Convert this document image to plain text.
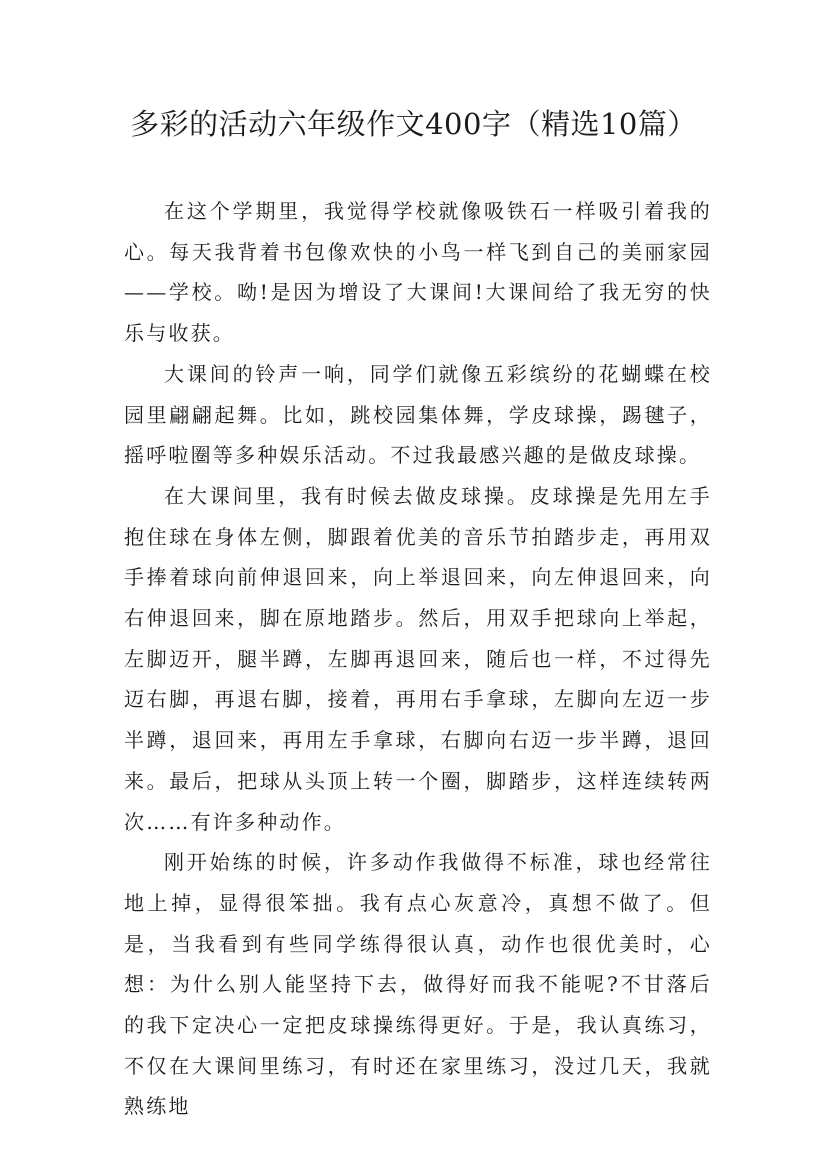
多彩的活动六年级作文400字（精选10篇）

在这个学期里，我觉得学校就像吸铁石一样吸引着我的心。每天我背着书包像欢快的小鸟一样飞到自己的美丽家园——学校。呦!是因为增设了大课间!大课间给了我无穷的快乐与收获。

大课间的铃声一响，同学们就像五彩缤纷的花蝴蝶在校园里翩翩起舞。比如，跳校园集体舞，学皮球操，踢毽子，摇呼啦圈等多种娱乐活动。不过我最感兴趣的是做皮球操。

在大课间里，我有时候去做皮球操。皮球操是先用左手抱住球在身体左侧，脚跟着优美的音乐节拍踏步走，再用双手捧着球向前伸退回来，向上举退回来，向左伸退回来，向右伸退回来，脚在原地踏步。然后，用双手把球向上举起，左脚迈开，腿半蹲，左脚再退回来，随后也一样，不过得先迈右脚，再退右脚，接着，再用右手拿球，左脚向左迈一步半蹲，退回来，再用左手拿球，右脚向右迈一步半蹲，退回来。最后，把球从头顶上转一个圈，脚踏步，这样连续转两次……有许多种动作。

刚开始练的时候，许多动作我做得不标准，球也经常往地上掉，显得很笨拙。我有点心灰意冷，真想不做了。但是，当我看到有些同学练得很认真，动作也很优美时，心想：为什么别人能坚持下去，做得好而我不能呢?不甘落后的我下定决心一定把皮球操练得更好。于是，我认真练习，不仅在大课间里练习，有时还在家里练习，没过几天，我就熟练地
